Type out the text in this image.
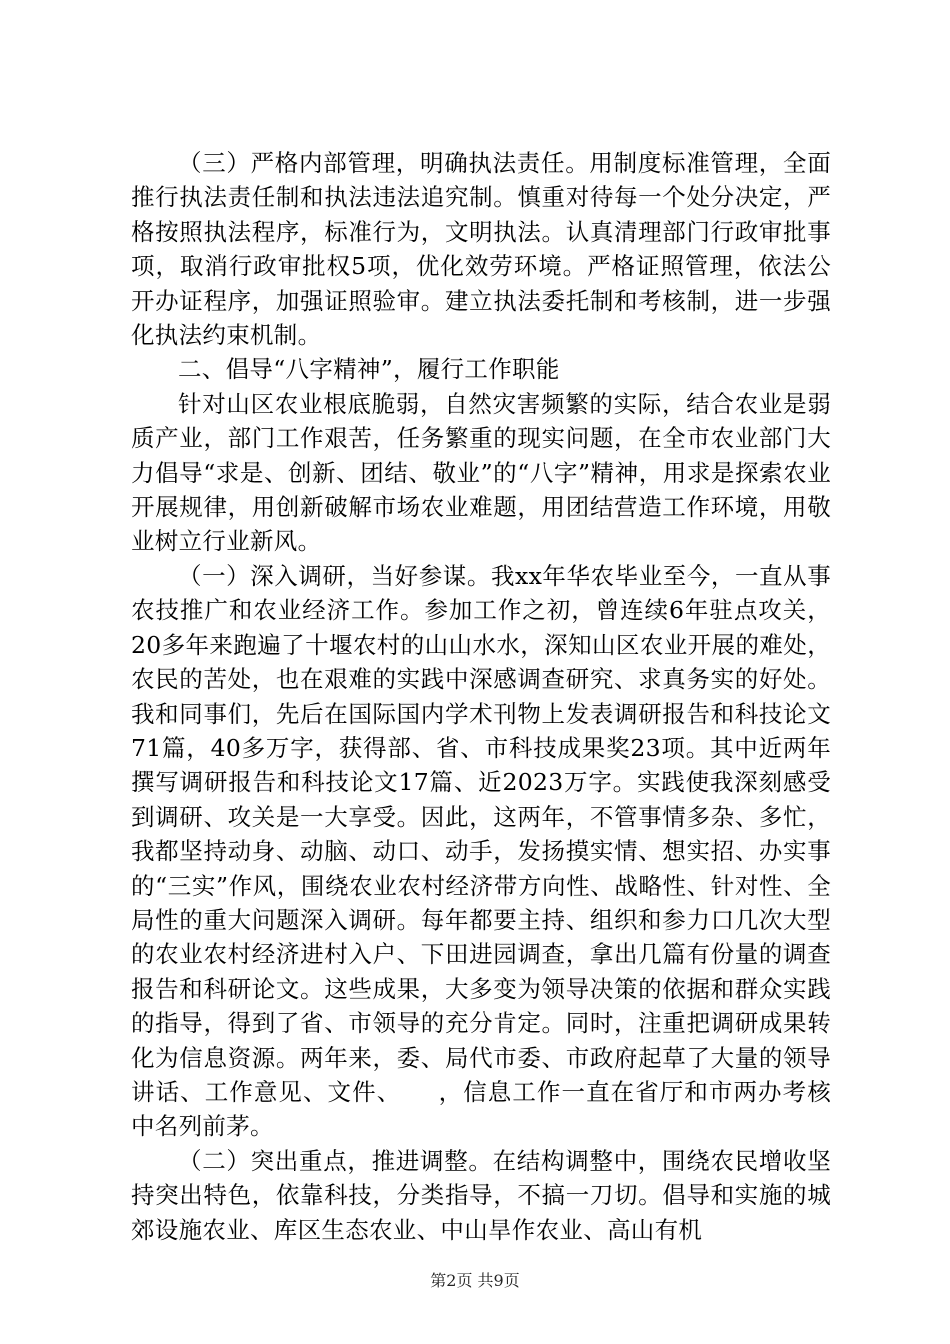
（三）严格内部管理，明确执法责任。用制度标准管理，全面推行执法责任制和执法违法追究制。慎重对待每一个处分决定，严格按照执法程序，标准行为，文明执法。认真清理部门行政审批事项，取消行政审批权5项，优化效劳环境。严格证照管理，依法公开办证程序，加强证照验审。建立执法委托制和考核制，进一步强化执法约束机制。

二、倡导“八字精神”，履行工作职能

针对山区农业根底脆弱，自然灾害频繁的实际，结合农业是弱质产业，部门工作艰苦，任务繁重的现实问题，在全市农业部门大力倡导“求是、创新、团结、敬业”的“八字”精神，用求是探索农业开展规律，用创新破解市场农业难题，用团结营造工作环境，用敬业树立行业新风。

（一）深入调研，当好参谋。我xx年华农毕业至今，一直从事农技推广和农业经济工作。参加工作之初，曾连续6年驻点攻关，20多年来跑遍了十堰农村的山山水水，深知山区农业开展的难处，农民的苦处，也在艰难的实践中深感调查研究、求真务实的好处。我和同事们，先后在国际国内学术刊物上发表调研报告和科技论文71篇，40多万字，获得部、省、市科技成果奖23项。其中近两年撰写调研报告和科技论文17篇、近2023万字。实践使我深刻感受到调研、攻关是一大享受。因此，这两年，不管事情多杂、多忙，我都坚持动身、动脑、动口、动手，发扬摸实情、想实招、办实事的“三实”作风，围绕农业农村经济带方向性、战略性、针对性、全局性的重大问题深入调研。每年都要主持、组织和参力口几次大型的农业农村经济进村入户、下田进园调查，拿出几篇有份量的调查报告和科研论文。这些成果，大多变为领导决策的依据和群众实践的指导，得到了省、市领导的充分肯定。同时，注重把调研成果转化为信息资源。两年来，委、局代市委、市政府起草了大量的领导讲话、工作意见、文件、　　，信息工作一直在省厅和市两办考核中名列前茅。

（二）突出重点，推进调整。在结构调整中，围绕农民增收坚持突出特色，依靠科技，分类指导，不搞一刀切。倡导和实施的城郊设施农业、库区生态农业、中山旱作农业、高山有机

第2页 共9页
